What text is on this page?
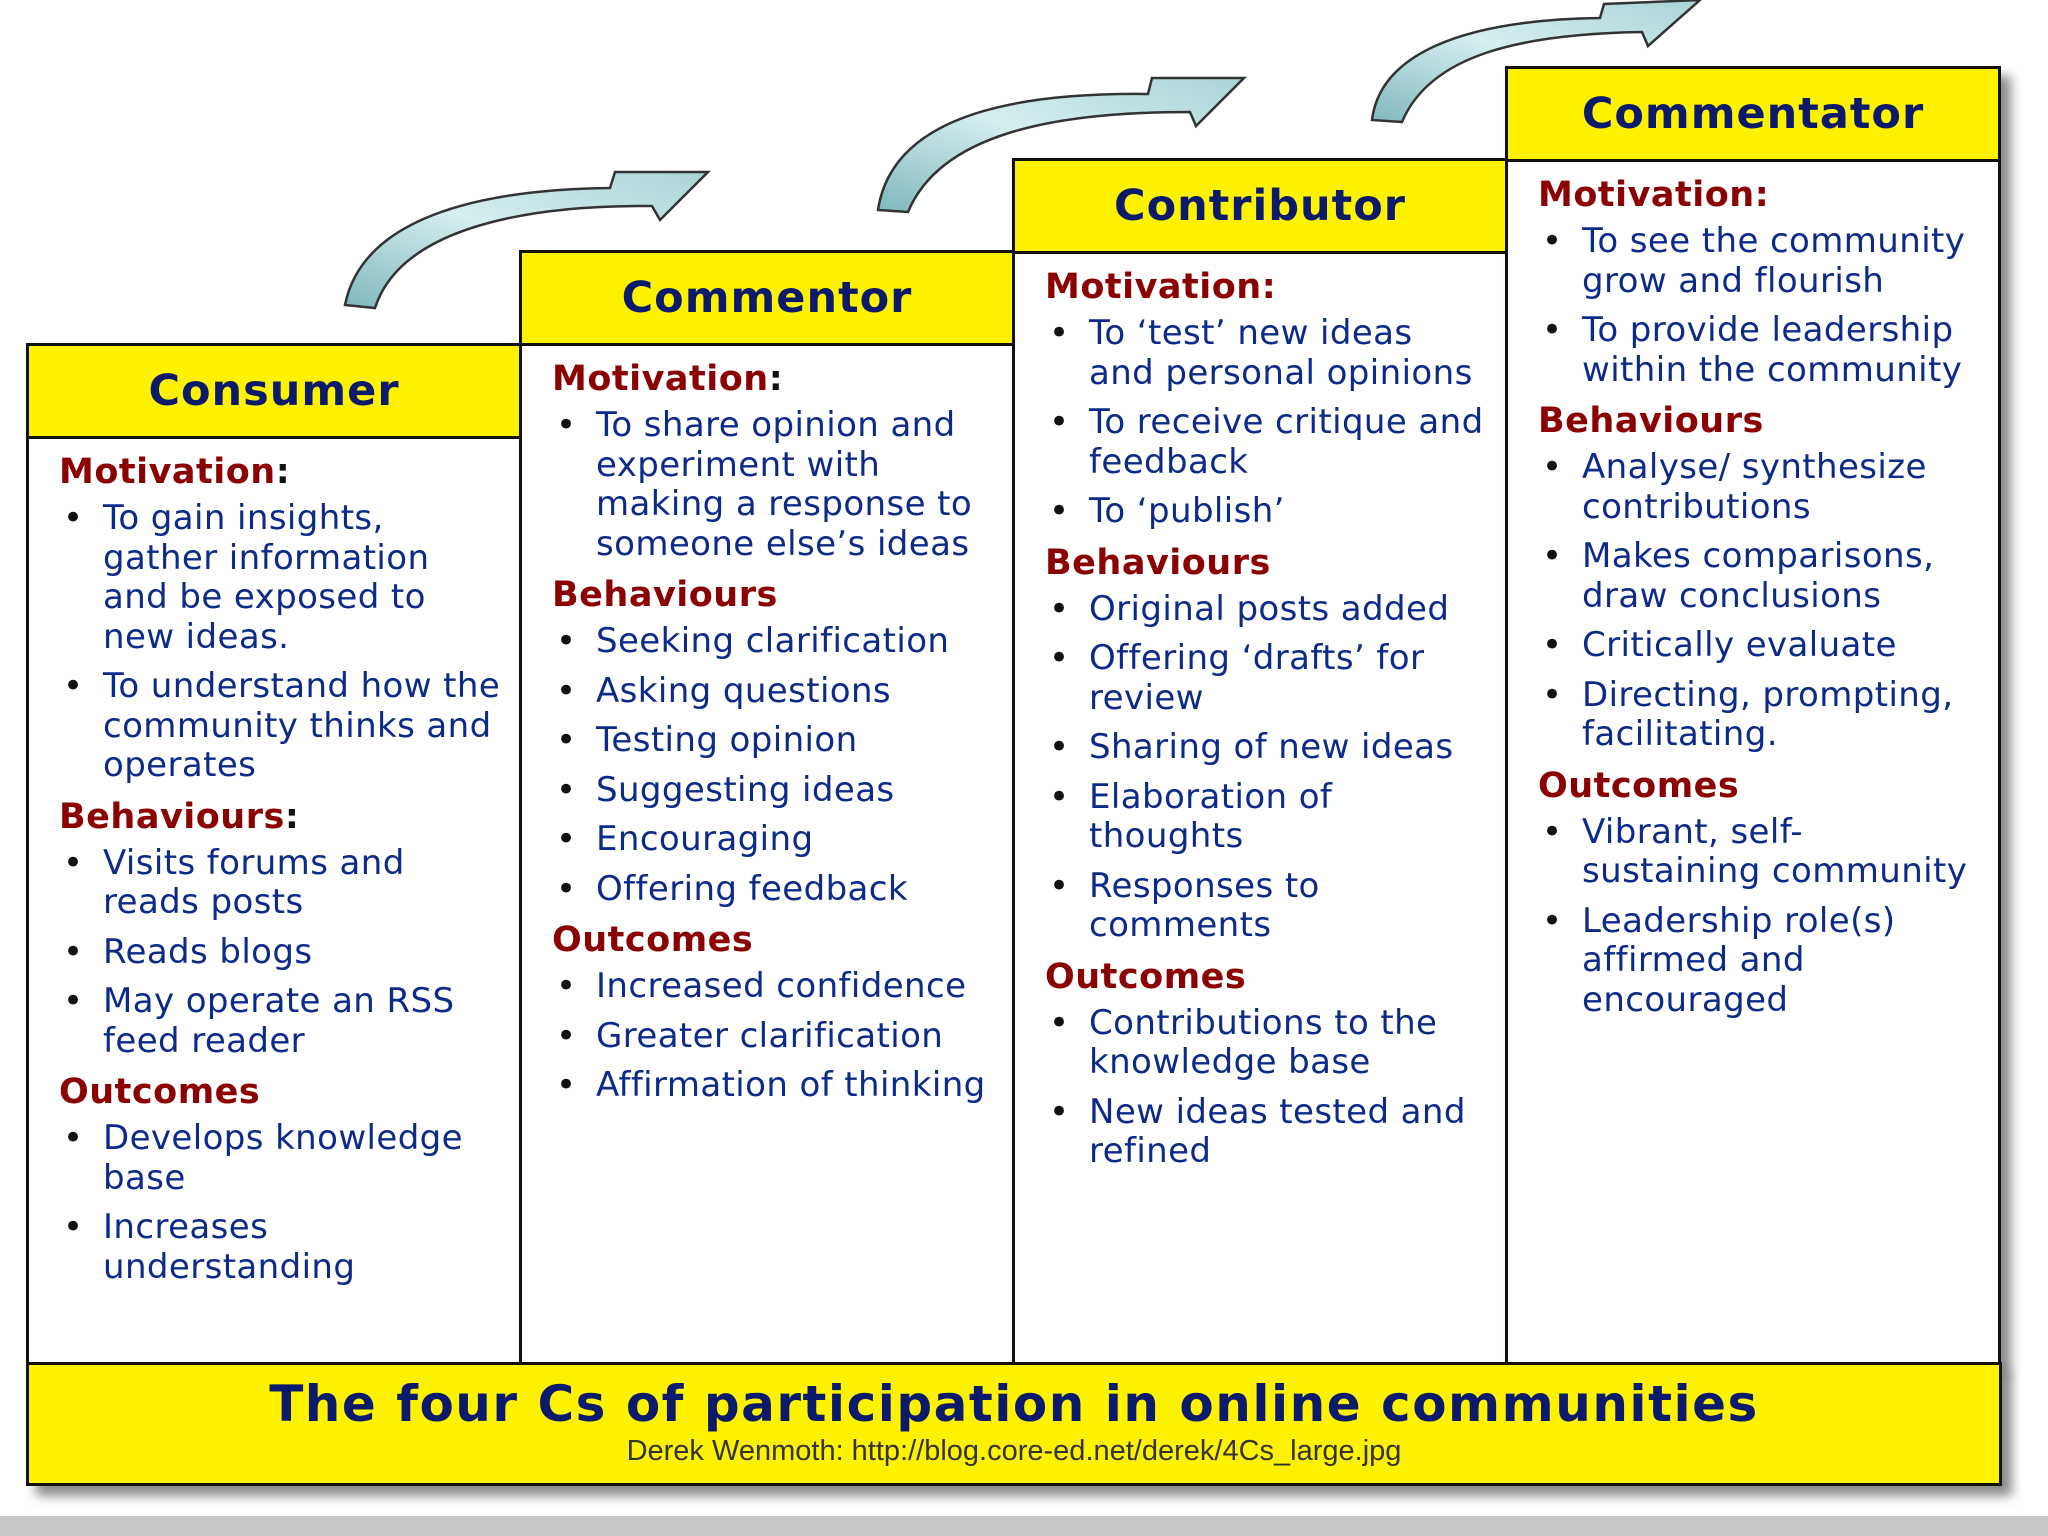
Consumer
Motivation:
• To gain insights, gather information and be exposed to new ideas.
• To understand how the community thinks and operates
Behaviours:
• Visits forums and reads posts
• Reads blogs
• May operate an RSS feed reader
Outcomes
• Develops knowledge base
• Increases understanding
Commentor
Motivation:
• To share opinion and experiment with making a response to someone else’s ideas
Behaviours
• Seeking clarification
• Asking questions
• Testing opinion
• Suggesting ideas
• Encouraging
• Offering feedback
Outcomes
• Increased confidence
• Greater clarification
• Affirmation of thinking
Contributor
Motivation:
• To ‘test’ new ideas and personal opinions
• To receive critique and feedback
• To ‘publish’
Behaviours
• Original posts added
• Offering ‘drafts’ for review
• Sharing of new ideas
• Elaboration of thoughts
• Responses to comments
Outcomes
• Contributions to the knowledge base
• New ideas tested and refined
Commentator
Motivation:
• To see the community grow and flourish
• To provide leadership within the community
Behaviours
• Analyse/ synthesize contributions
• Makes comparisons, draw conclusions
• Critically evaluate
• Directing, prompting, facilitating.
Outcomes
• Vibrant, self-sustaining community
• Leadership role(s) affirmed and encouraged
The four Cs of participation in online communities
Derek Wenmoth: http://blog.core-ed.net/derek/4Cs_large.jpg
